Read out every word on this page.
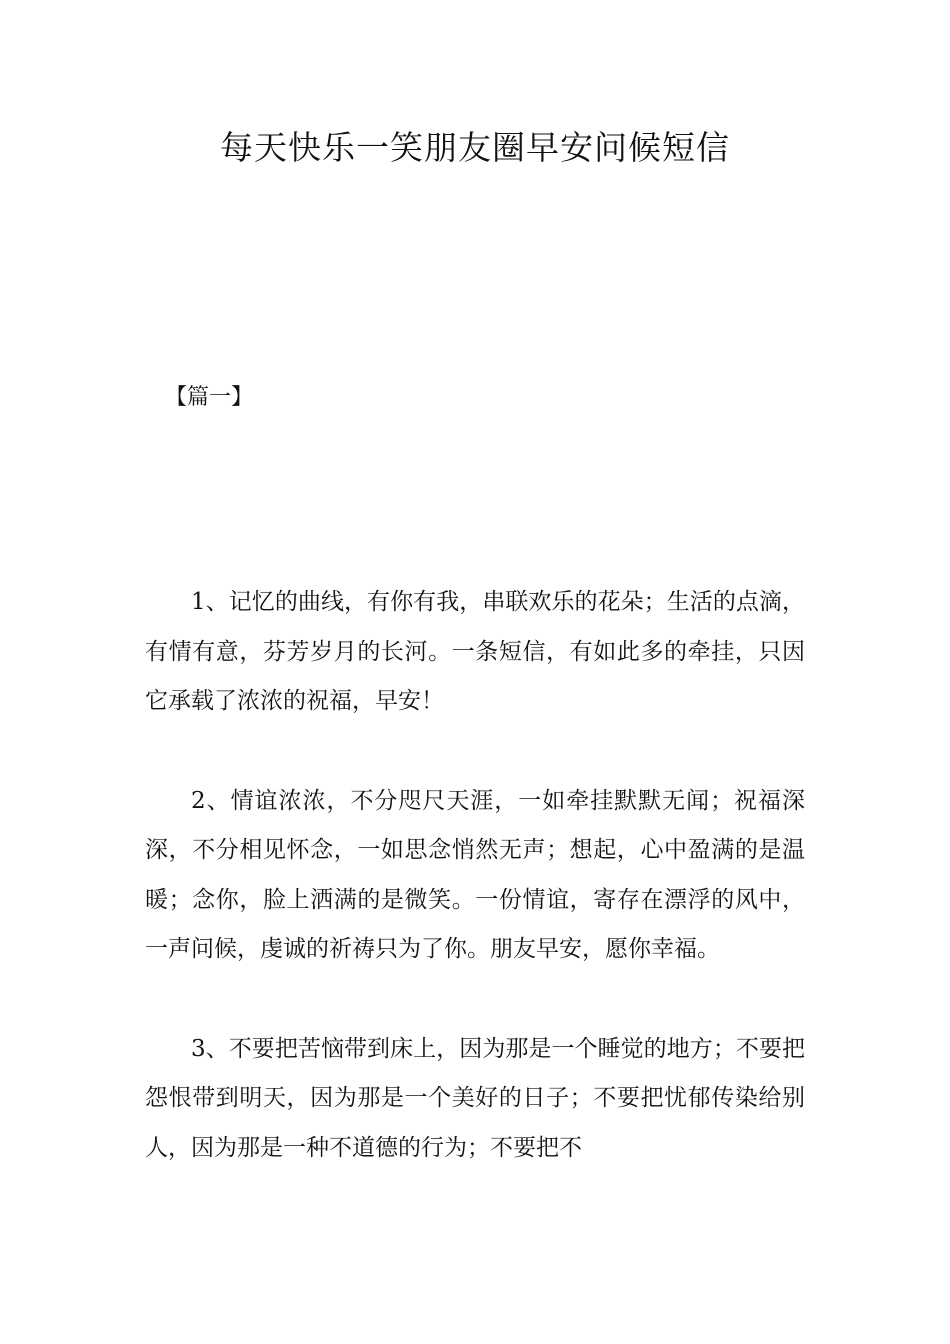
每天快乐一笑朋友圈早安问候短信
【篇一】

1、记忆的曲线，有你有我，串联欢乐的花朵；生活的点滴，有情有意，芬芳岁月的长河。一条短信，有如此多的牵挂，只因它承载了浓浓的祝福，早安！

2、情谊浓浓，不分咫尺天涯，一如牵挂默默无闻；祝福深深，不分相见怀念，一如思念悄然无声；想起，心中盈满的是温暖；念你，脸上洒满的是微笑。一份情谊，寄存在漂浮的风中，一声问候，虔诚的祈祷只为了你。朋友早安，愿你幸福。

3、不要把苦恼带到床上，因为那是一个睡觉的地方；不要把怨恨带到明天，因为那是一个美好的日子；不要把忧郁传染给别人，因为那是一种不道德的行为；不要把不
